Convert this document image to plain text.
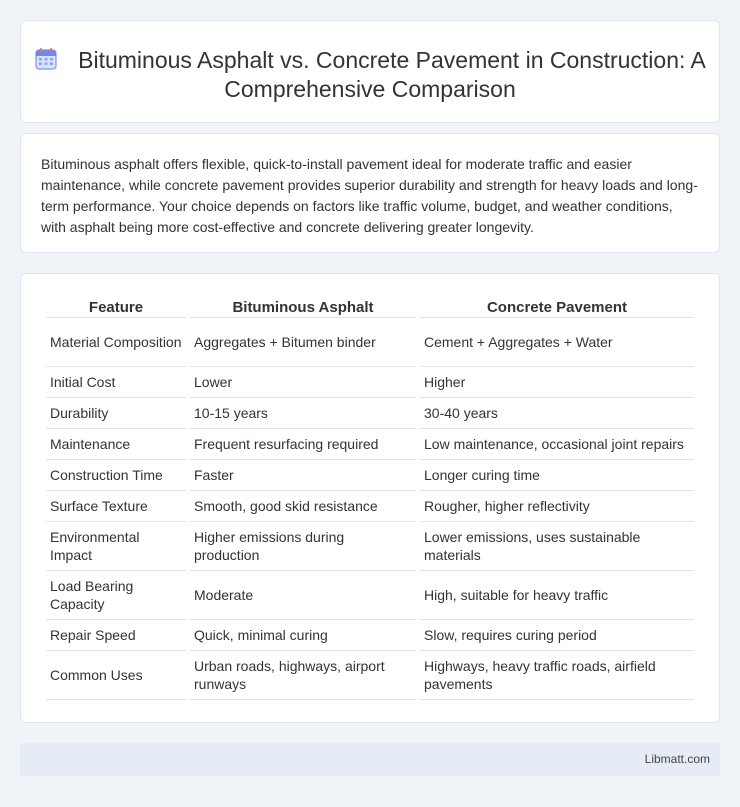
Bituminous Asphalt vs. Concrete Pavement in Construction: A Comprehensive Comparison

Bituminous asphalt offers flexible, quick-to-install pavement ideal for moderate traffic and easier maintenance, while concrete pavement provides superior durability and strength for heavy loads and long-term performance. Your choice depends on factors like traffic volume, budget, and weather conditions, with asphalt being more cost-effective and concrete delivering greater longevity.

Feature	Bituminous Asphalt	Concrete Pavement
Material Composition	Aggregates + Bitumen binder	Cement + Aggregates + Water
Initial Cost	Lower	Higher
Durability	10-15 years	30-40 years
Maintenance	Frequent resurfacing required	Low maintenance, occasional joint repairs
Construction Time	Faster	Longer curing time
Surface Texture	Smooth, good skid resistance	Rougher, higher reflectivity
Environmental Impact	Higher emissions during production	Lower emissions, uses sustainable materials
Load Bearing Capacity	Moderate	High, suitable for heavy traffic
Repair Speed	Quick, minimal curing	Slow, requires curing period
Common Uses	Urban roads, highways, airport runways	Highways, heavy traffic roads, airfield pavements
Libmatt.com
